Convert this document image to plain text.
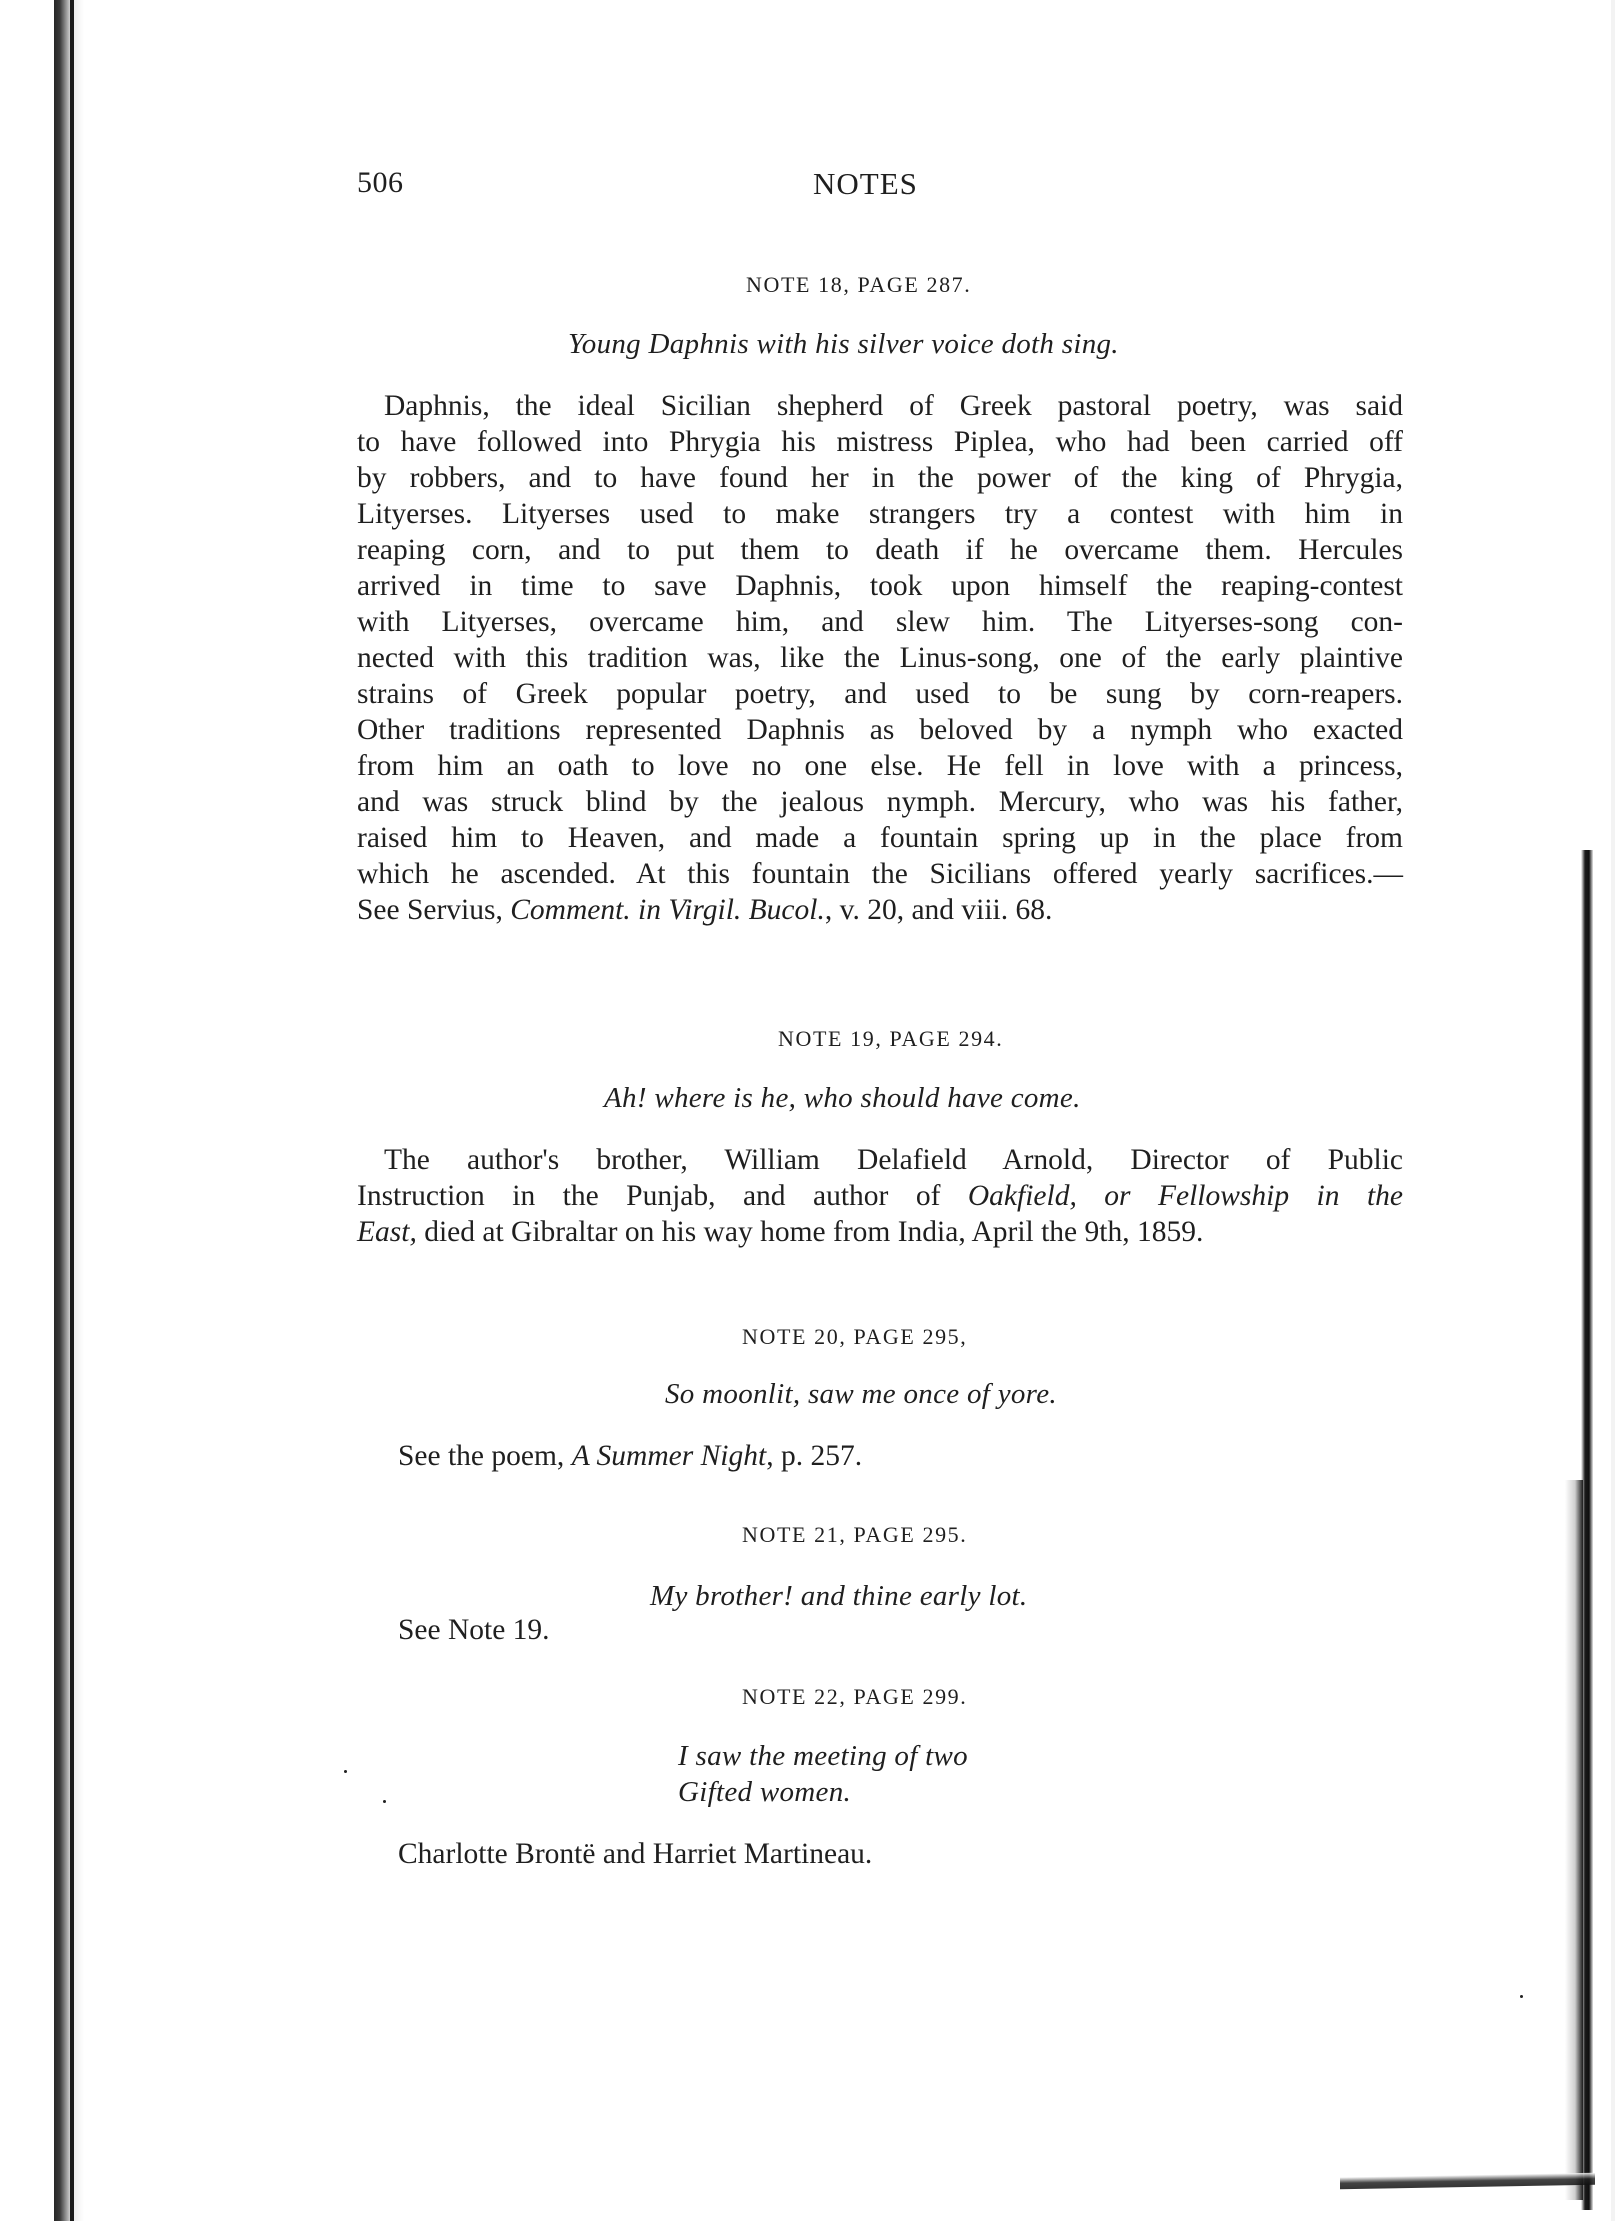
506	NOTES
NOTE 18, PAGE 287.
Young Daphnis with his silver voice doth sing.
Daphnis, the ideal Sicilian shepherd of Greek pastoral poetry, was said
to have followed into Phrygia his mistress Piplea, who had been carried off
by robbers, and to have found her in the power of the king of Phrygia,
Lityerses. Lityerses used to make strangers try a contest with him in
reaping corn, and to put them to death if he overcame them. Hercules
arrived in time to save Daphnis, took upon himself the reaping-contest
with Lityerses, overcame him, and slew him. The Lityerses-song con-
nected with this tradition was, like the Linus-song, one of the early plaintive
strains of Greek popular poetry, and used to be sung by corn-reapers.
Other traditions represented Daphnis as beloved by a nymph who exacted
from him an oath to love no one else. He fell in love with a princess,
and was struck blind by the jealous nymph. Mercury, who was his father,
raised him to Heaven, and made a fountain spring up in the place from
which he ascended. At this fountain the Sicilians offered yearly sacrifices.—
See Servius, Comment. in Virgil. Bucol., v. 20, and viii. 68.
NOTE 19, PAGE 294.
Ah! where is he, who should have come.
The author's brother, William Delafield Arnold, Director of Public
Instruction in the Punjab, and author of Oakfield, or Fellowship in the
East, died at Gibraltar on his way home from India, April the 9th, 1859.
NOTE 20, PAGE 295,
So moonlit, saw me once of yore.
See the poem, A Summer Night, p. 257.
NOTE 21, PAGE 295.
My brother! and thine early lot.
See Note 19.
NOTE 22, PAGE 299.
I saw the meeting of two
Gifted women.
Charlotte Brontë and Harriet Martineau.
